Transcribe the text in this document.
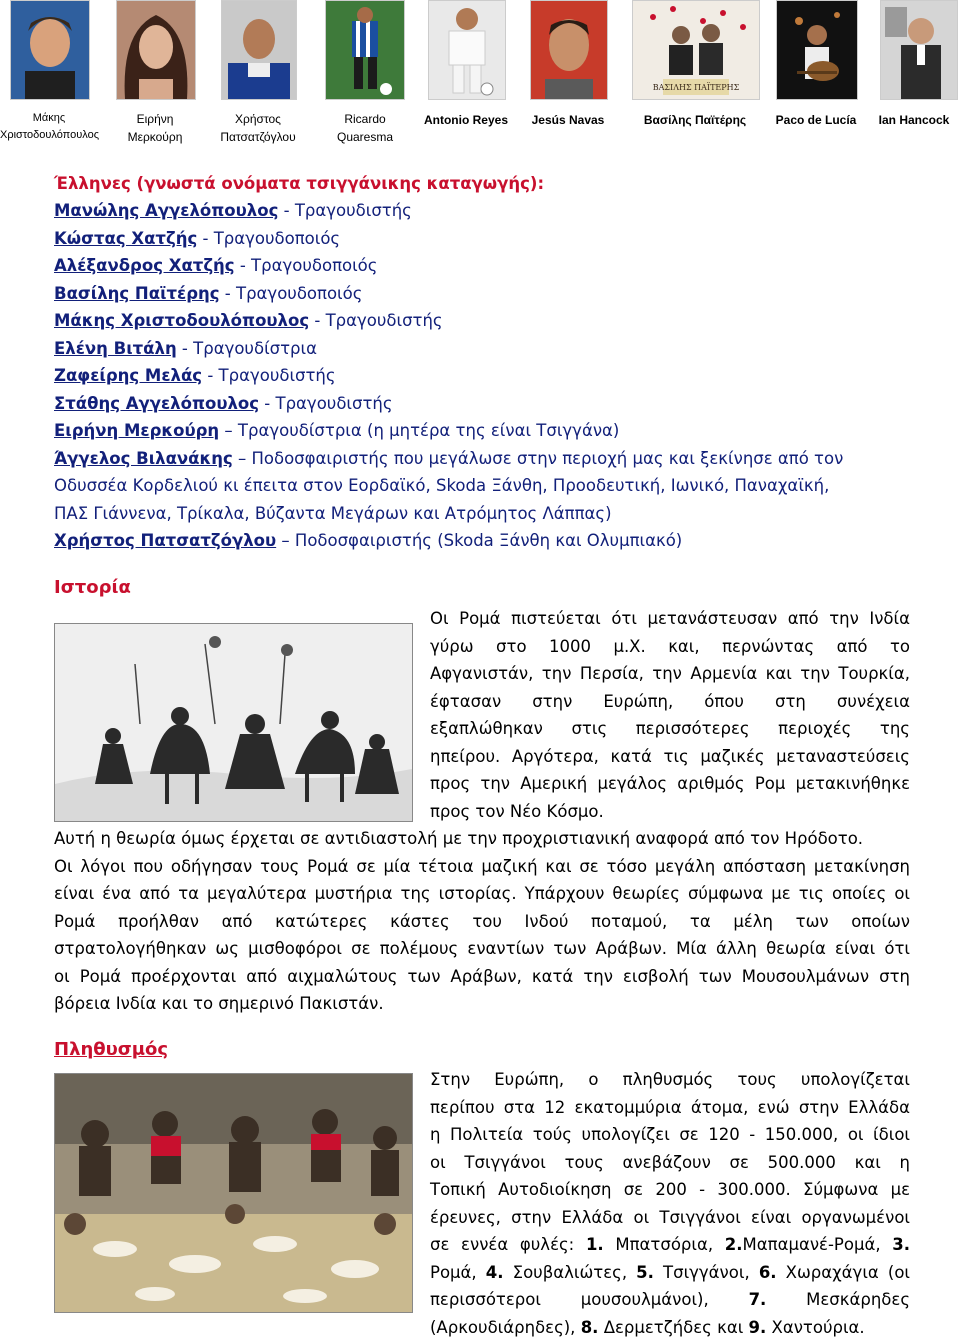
Μάκης Χριστοδουλόπουλος
Ειρήνη Μερκούρη
Χρήστος Πατσατζόγλου
Ricardo Quaresma
Antonio Reyes	Jesús Navas
ΒΑΣΙΛΗΣ ΠΑΪΤΕΡΗΣ
Βασίλης Παϊτέρης	Paco de Lucía	Ian Hancock
Έλληνες (γνωστά ονόματα τσιγγάνικης καταγωγής):
Μανώλης Αγγελόπουλος - Τραγουδιστής
Κώστας Χατζής - Τραγουδοποιός
Αλέξανδρος Χατζής - Τραγουδοποιός
Βασίλης Παϊτέρης - Τραγουδοποιός
Μάκης Χριστοδουλόπουλος - Τραγουδιστής
Ελένη Βιτάλη - Τραγουδίστρια
Ζαφείρης Μελάς - Τραγουδιστής
Στάθης Αγγελόπουλος - Τραγουδιστής
Ειρήνη Μερκούρη – Τραγουδίστρια (η μητέρα της είναι Τσιγγάνα)
Άγγελος Βιλανάκης – Ποδοσφαιριστής που μεγάλωσε στην περιοχή μας και ξεκίνησε από τον
Οδυσσέα Κορδελιού κι έπειτα στον Εορδαϊκό, Skoda Ξάνθη, Προοδευτική, Ιωνικό, Παναχαϊκή,
ΠΑΣ Γιάννενα, Τρίκαλα, Βύζαντα Μεγάρων και Ατρόμητος Λάππας)
Χρήστος Πατσατζόγλου – Ποδοσφαιριστής (Skoda Ξάνθη και Ολυμπιακό)
Ιστορία
Οι Ρομά πιστεύεται ότι μετανάστευσαν από την Ινδία
γύρω στο 1000 μ.Χ. και, περνώντας από το
Αφγανιστάν, την Περσία, την Αρμενία και την Τουρκία,
έφτασαν στην Ευρώπη, όπου στη συνέχεια
εξαπλώθηκαν στις περισσότερες περιοχές της
ηπείρου. Αργότερα, κατά τις μαζικές μεταναστεύσεις
προς την Αμερική μεγάλος αριθμός Ρομ μετακινήθηκε
προς τον Νέο Κόσμο.
Αυτή η θεωρία όμως έρχεται σε αντιδιαστολή με την προχριστιανική αναφορά από τον Ηρόδοτο.
Οι λόγοι που οδήγησαν τους Ρομά σε μία τέτοια μαζική και σε τόσο μεγάλη απόσταση μετακίνηση
είναι ένα από τα μεγαλύτερα μυστήρια της ιστορίας. Υπάρχουν θεωρίες σύμφωνα με τις οποίες οι
Ρομά προήλθαν από κατώτερες κάστες του Ινδού ποταμού, τα μέλη των οποίων
στρατολογήθηκαν ως μισθοφόροι σε πολέμους εναντίων των Αράβων. Μία άλλη θεωρία είναι ότι
οι Ρομά προέρχονται από αιχμαλώτους των Αράβων, κατά την εισβολή των Μουσουλμάνων στη
βόρεια Ινδία και το σημερινό Πακιστάν.
Πληθυσμός
Στην Ευρώπη, ο πληθυσμός τους υπολογίζεται
περίπου στα 12 εκατομμύρια άτομα, ενώ στην Ελλάδα
η Πολιτεία τούς υπολογίζει σε 120 - 150.000, οι ίδιοι
οι Τσιγγάνοι τους ανεβάζουν σε 500.000 και η
Τοπική Αυτοδιοίκηση σε 200 - 300.000. Σύμφωνα με
έρευνες, στην Ελλάδα οι Τσιγγάνοι είναι οργανωμένοι
σε εννέα φυλές: 1. Μπατσόρια, 2.Μαπαμανέ-Ρομά, 3.
Ρομά, 4. Σουβαλιώτες, 5. Τσιγγάνοι, 6. Χωραχάγια (οι
περισσότεροι μουσουλμάνοι), 7. Μεσκάρηδες
(Αρκουδιάρηδες), 8. Δερμετζήδες και 9. Χαντούρια.
